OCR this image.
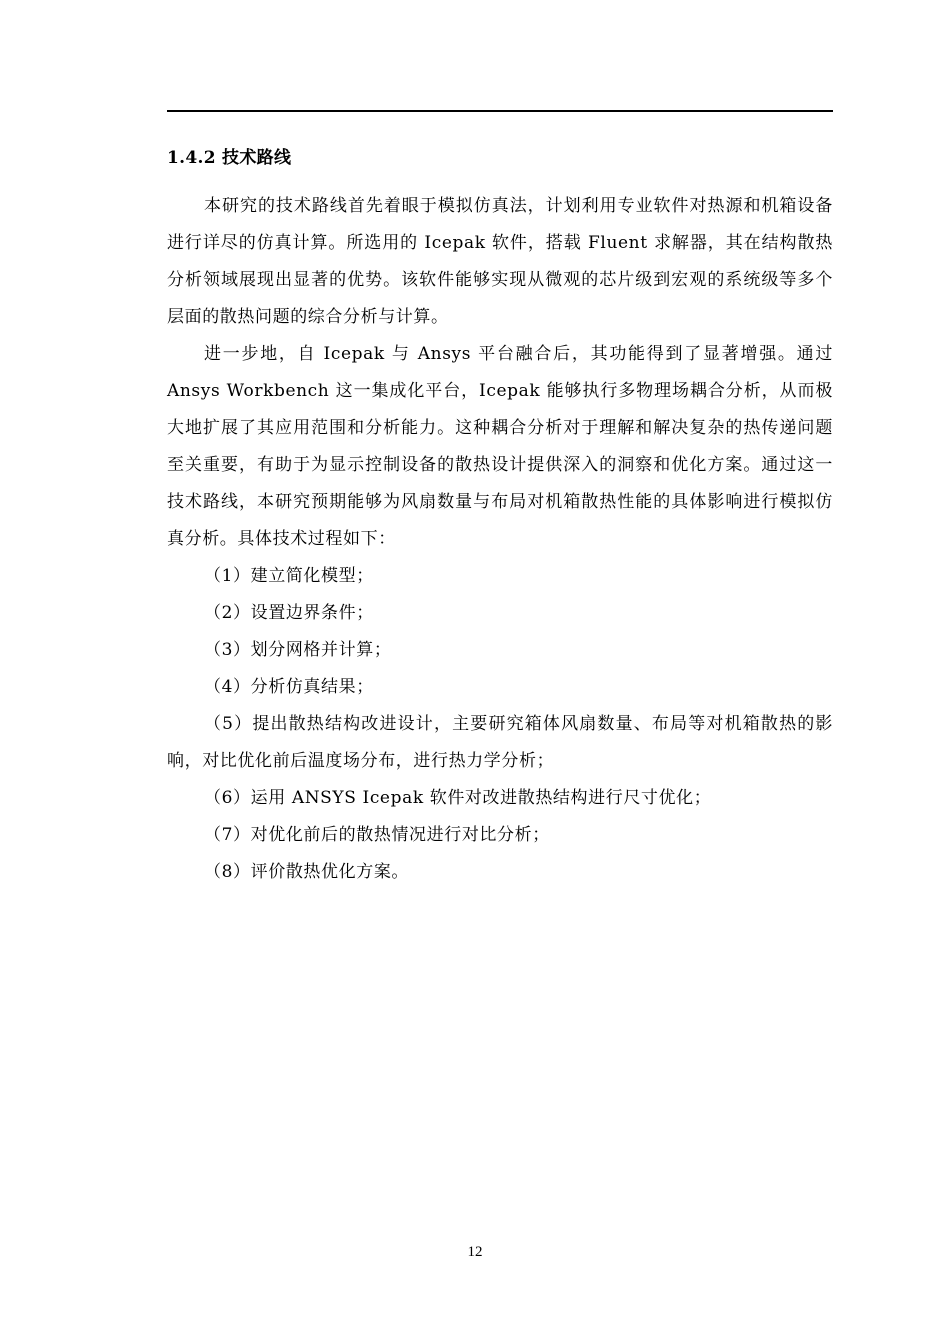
1.4.2 技术路线

本研究的技术路线首先着眼于模拟仿真法，计划利用专业软件对热源和机箱设备进行详尽的仿真计算。所选用的 Icepak 软件，搭载 Fluent 求解器，其在结构散热分析领域展现出显著的优势。该软件能够实现从微观的芯片级到宏观的系统级等多个层面的散热问题的综合分析与计算。

进一步地，自 Icepak 与 Ansys 平台融合后，其功能得到了显著增强。通过 Ansys Workbench 这一集成化平台，Icepak 能够执行多物理场耦合分析，从而极大地扩展了其应用范围和分析能力。这种耦合分析对于理解和解决复杂的热传递问题至关重要，有助于为显示控制设备的散热设计提供深入的洞察和优化方案。通过这一技术路线，本研究预期能够为风扇数量与布局对机箱散热性能的具体影响进行模拟仿真分析。具体技术过程如下：

（1）建立简化模型；

（2）设置边界条件；

（3）划分网格并计算；

（4）分析仿真结果；

（5）提出散热结构改进设计，主要研究箱体风扇数量、布局等对机箱散热的影响，对比优化前后温度场分布，进行热力学分析；

（6）运用 ANSYS Icepak 软件对改进散热结构进行尺寸优化；

（7）对优化前后的散热情况进行对比分析；

（8）评价散热优化方案。

12
